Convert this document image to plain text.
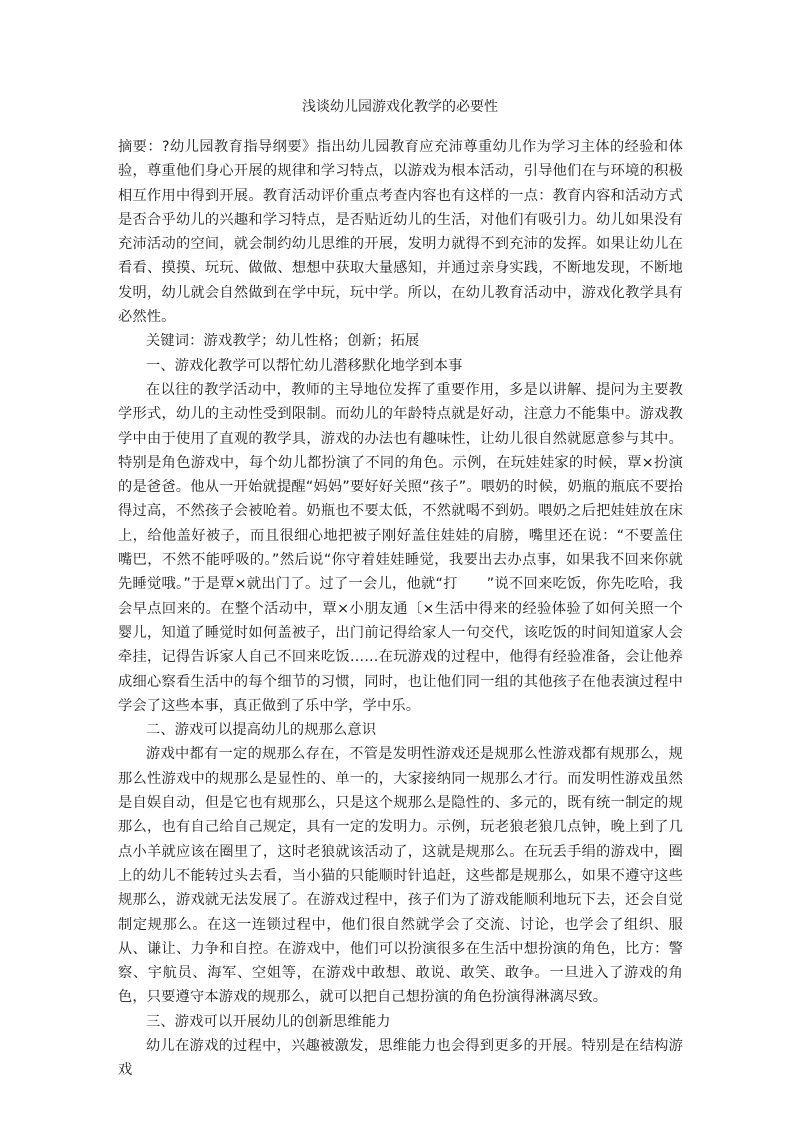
浅谈幼儿园游戏化教学的必要性

摘要：?幼儿园教育指导纲要》指出幼儿园教育应充沛尊重幼儿作为学习主体的经验和体验，尊重他们身心开展的规律和学习特点，以游戏为根本活动，引导他们在与环境的积极相互作用中得到开展。教育活动评价重点考查内容也有这样的一点：教育内容和活动方式是否合乎幼儿的兴趣和学习特点，是否贴近幼儿的生活，对他们有吸引力。幼儿如果没有充沛活动的空间，就会制约幼儿思维的开展，发明力就得不到充沛的发挥。如果让幼儿在看看、摸摸、玩玩、做做、想想中获取大量感知，并通过亲身实践，不断地发现，不断地发明，幼儿就会自然做到在学中玩，玩中学。所以，在幼儿教育活动中，游戏化教学具有必然性。

关键词：游戏教学；幼儿性格；创新；拓展

一、游戏化教学可以帮忙幼儿潜移默化地学到本事

在以往的教学活动中，教师的主导地位发挥了重要作用，多是以讲解、提问为主要教学形式，幼儿的主动性受到限制。而幼儿的年龄特点就是好动，注意力不能集中。游戏教学中由于使用了直观的教学具，游戏的办法也有趣味性，让幼儿很自然就愿意参与其中。特别是角色游戏中，每个幼儿都扮演了不同的角色。示例，在玩娃娃家的时候，覃×扮演的是爸爸。他从一开始就提醒“妈妈”要好好关照“孩子”。喂奶的时候，奶瓶的瓶底不要抬得过高，不然孩子会被呛着。奶瓶也不要太低，不然就喝不到奶。喂奶之后把娃娃放在床上，给他盖好被子，而且很细心地把被子刚好盖住娃娃的肩膀，嘴里还在说：“不要盖住嘴巴，不然不能呼吸的。”然后说“你守着娃娃睡觉，我要出去办点事，如果我不回来你就先睡觉哦。”于是覃×就出门了。过了一会儿，他就“打　　”说不回来吃饭，你先吃哈，我会早点回来的。在整个活动中，覃×小朋友通〔×生活中得来的经验体验了如何关照一个婴儿，知道了睡觉时如何盖被子，出门前记得给家人一句交代，该吃饭的时间知道家人会牵挂，记得告诉家人自己不回来吃饭……在玩游戏的过程中，他得有经验准备，会让他养成细心察看生活中的每个细节的习惯，同时，也让他们同一组的其他孩子在他表演过程中学会了这些本事，真正做到了乐中学，学中乐。

二、游戏可以提高幼儿的规那么意识

游戏中都有一定的规那么存在，不管是发明性游戏还是规那么性游戏都有规那么，规那么性游戏中的规那么是显性的、单一的，大家接纳同一规那么才行。而发明性游戏虽然是自娱自动，但是它也有规那么，只是这个规那么是隐性的、多元的，既有统一制定的规那么，也有自己给自己规定，具有一定的发明力。示例，玩老狼老狼几点钟，晚上到了几点小羊就应该在圈里了，这时老狼就该活动了，这就是规那么。在玩丢手绢的游戏中，圈上的幼儿不能转过头去看，当小猫的只能顺时针追赶，这些都是规那么，如果不遵守这些规那么，游戏就无法发展了。在游戏过程中，孩子们为了游戏能顺利地玩下去，还会自觉制定规那么。在这一连锁过程中，他们很自然就学会了交流、讨论，也学会了组织、服从、谦让、力争和自控。在游戏中，他们可以扮演很多在生活中想扮演的角色，比方：警察、宇航员、海军、空姐等，在游戏中敢想、敢说、敢笑、敢争。一旦进入了游戏的角色，只要遵守本游戏的规那么，就可以把自己想扮演的角色扮演得淋漓尽致。

三、游戏可以开展幼儿的创新思维能力

幼儿在游戏的过程中，兴趣被激发，思维能力也会得到更多的开展。特别是在结构游戏
